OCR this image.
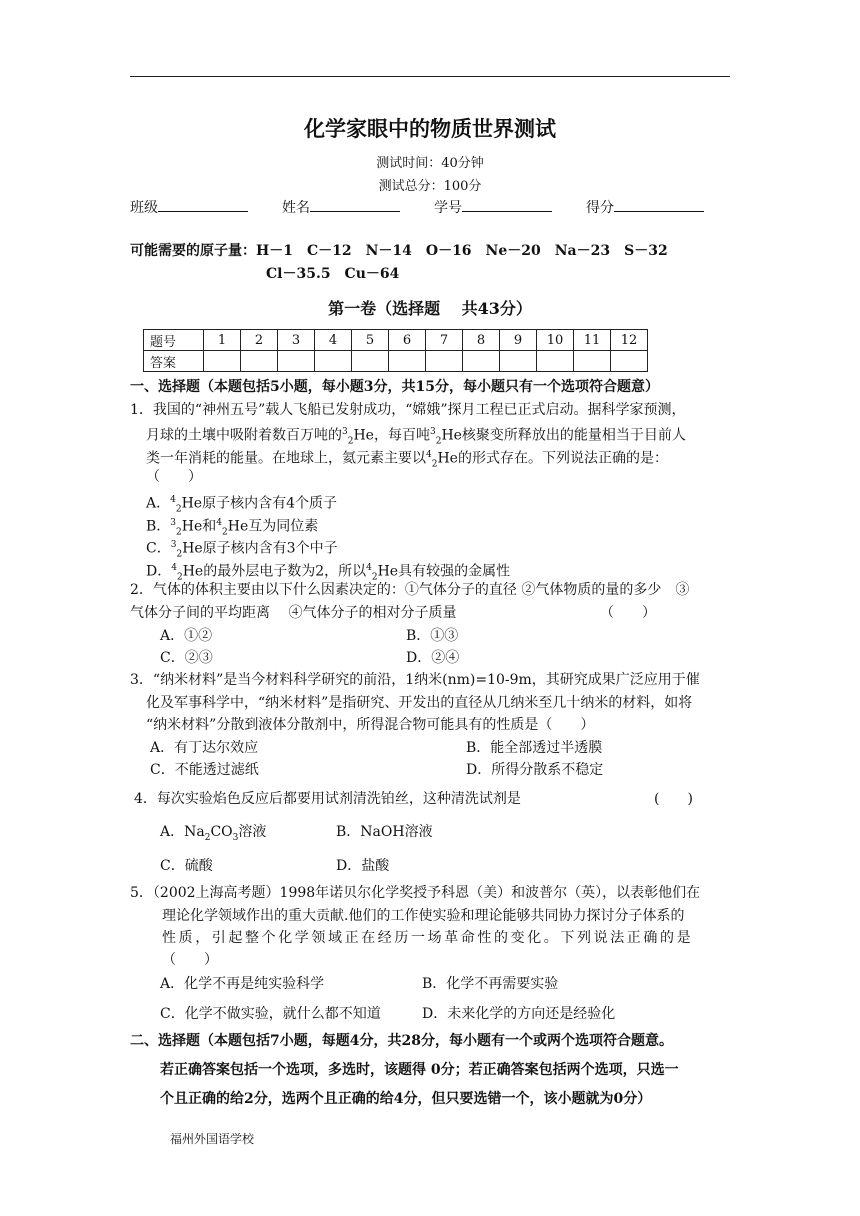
化学家眼中的物质世界测试
测试时间：40分钟
测试总分：100分
班级	姓名	学号	得分
可能需要的原子量：H－1　C－12　N－14　O－16　Ne－20　Na－23　S－32
Cl－35.5　Cu－64
第一卷（选择题　 共43分）
题号	1	2	3	4	5	6	7	8	9	10	11	12
答案												
一、选择题（本题包括5小题，每小题3分，共15分，每小题只有一个选项符合题意）
1．我国的“神州五号”载人飞船已发射成功，“嫦娥”探月工程已正式启动。据科学家预测，
月球的土壤中吸附着数百万吨的$^3_2$He，每百吨$^3_2$He核聚变所释放出的能量相当于目前人
类一年消耗的能量。在地球上，氦元素主要以$^4_2$He的形式存在。下列说法正确的是：
（　　）
A．$^4_2$He原子核内含有4个质子
B．$^3_2$He和$^4_2$He互为同位素
C．$^3_2$He原子核内含有3个中子
D．$^4_2$He的最外层电子数为2，所以$^4_2$He具有较强的金属性
2．气体的体积主要由以下什么因素决定的：①气体分子的直径 ②气体物质的量的多少　③
气体分子间的平均距离　 ④气体分子的相对分子质量	（　　）
A．①②	B．①③
C．②③	D．②④
3．“纳米材料”是当今材料科学研究的前沿，1纳米(nm)=10-9m，其研究成果广泛应用于催
化及军事科学中，“纳米材料”是指研究、开发出的直径从几纳米至几十纳米的材料，如将
“纳米材料”分散到液体分散剂中，所得混合物可能具有的性质是（　　）
A．有丁达尔效应	B．能全部透过半透膜
C．不能透过滤纸	D．所得分散系不稳定
4．每次实验焰色反应后都要用试剂清洗铂丝，这种清洗试剂是	(　　)
A．$Na_2CO_3$溶液	B．NaOH溶液
C．硫酸	D．盐酸
5．（2002上海高考题）1998年诺贝尔化学奖授予科恩（美）和波普尔（英），以表彰他们在
理论化学领域作出的重大贡献.他们的工作使实验和理论能够共同协力探讨分子体系的
性质，引起整个化学领域正在经历一场革命性的变化。下列说法正确的是
（　　）
A．化学不再是纯实验科学	B．化学不再需要实验
C．化学不做实验，就什么都不知道	D．未来化学的方向还是经验化
二、选择题（本题包括7小题，每题4分，共28分，每小题有一个或两个选项符合题意。
若正确答案包括一个选项，多选时，该题得 0分；若正确答案包括两个选项，只选一
个且正确的给2分，选两个且正确的给4分，但只要选错一个，该小题就为0分）
福州外国语学校
